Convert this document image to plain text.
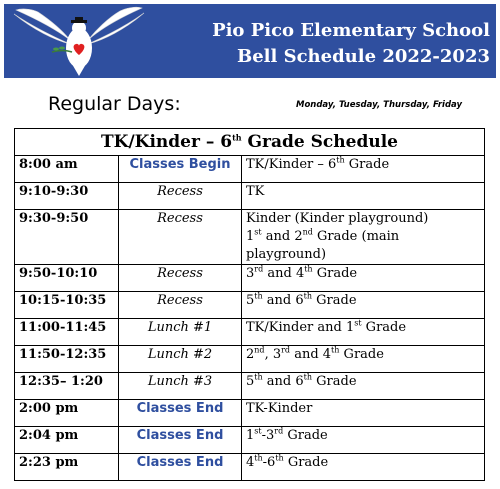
Pio Pico Elementary School
Bell Schedule 2022-2023
Regular Days:	Monday, Tuesday, Thursday, Friday
TK/Kinder – 6th Grade Schedule		
8:00 am	Classes Begin	TK/Kinder – 6th Grade

9:10-9:30	Recess	TK

9:30-9:50	Recess	Kinder (Kinder playground)
1st and 2nd Grade (main playground)

9:50-10:10	Recess	3rd and 4th Grade

10:15-10:35	Recess	5th and 6th Grade

11:00-11:45	Lunch #1	TK/Kinder and 1st Grade

11:50-12:35	Lunch #2	2nd, 3rd and 4th Grade

12:35– 1:20	Lunch #3	5th and 6th Grade

2:00 pm	Classes End	TK-Kinder

2:04 pm	Classes End	1st-3rd Grade

2:23 pm	Classes End	4th-6th Grade
